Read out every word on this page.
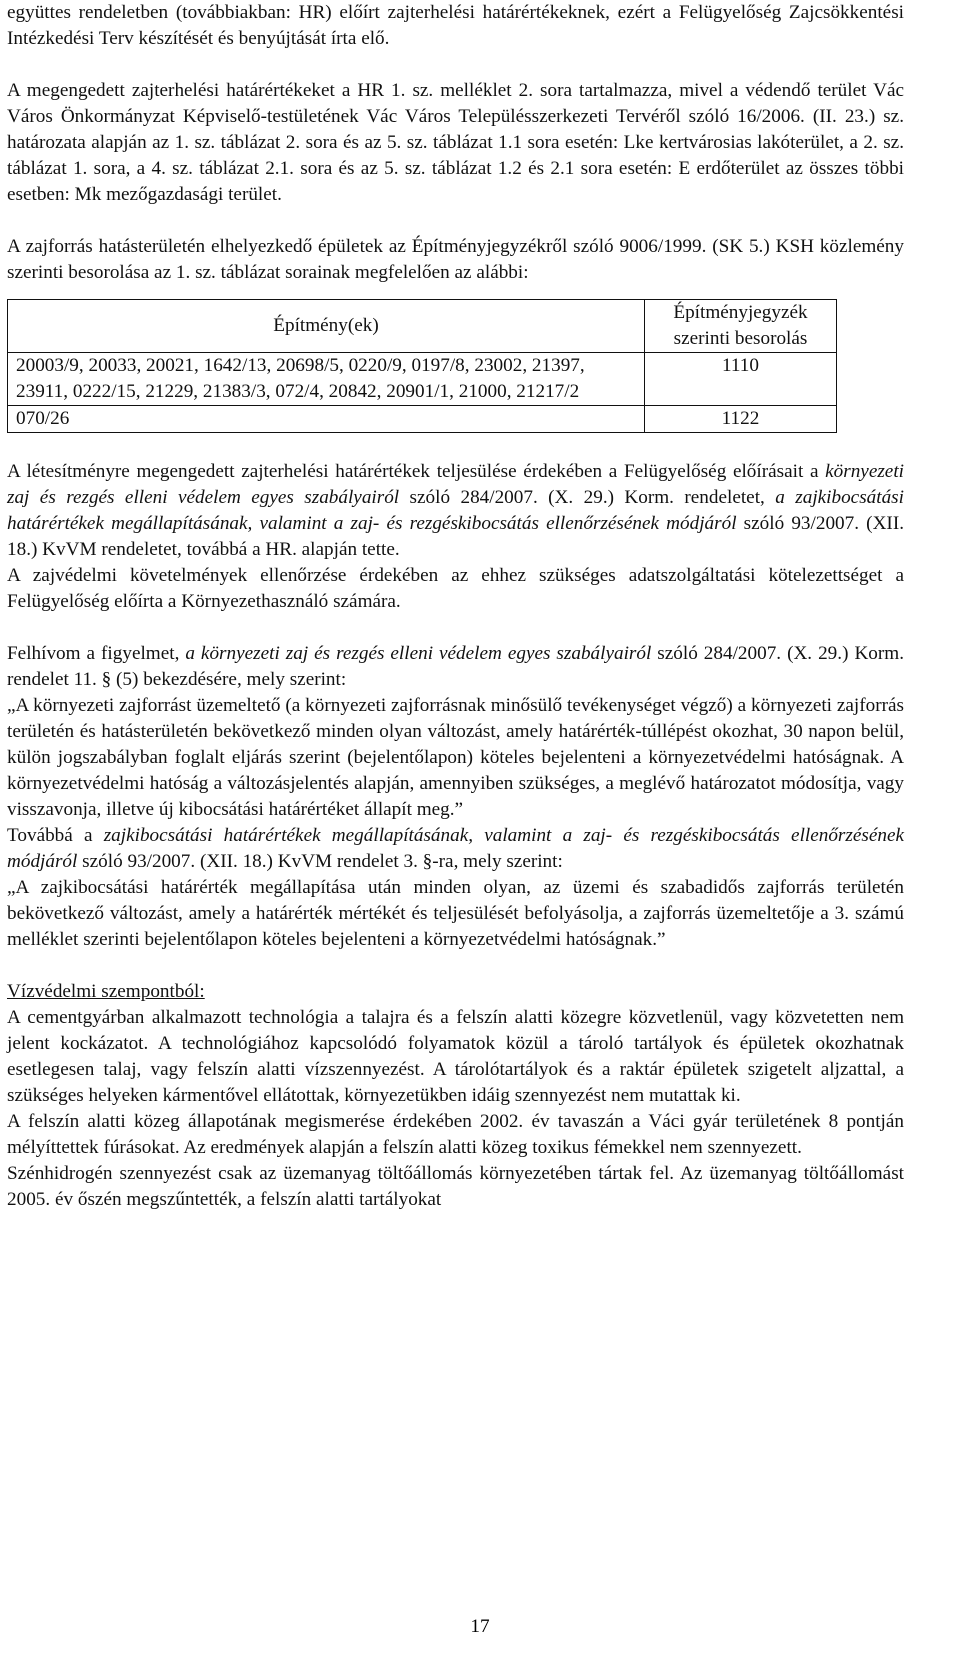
együttes rendeletben (továbbiakban: HR) előírt zajterhelési határértékeknek, ezért a Felügyelőség Zajcsökkentési Intézkedési Terv készítését és benyújtását írta elő.

A megengedett zajterhelési határértékeket a HR 1. sz. melléklet 2. sora tartalmazza, mivel a védendő terület Vác Város Önkormányzat Képviselő-testületének Vác Város Településszerkezeti Tervéről szóló 16/2006. (II. 23.) sz. határozata alapján az 1. sz. táblázat 2. sora és az 5. sz. táblázat 1.1 sora esetén: Lke kertvárosias lakóterület, a 2. sz. táblázat 1. sora, a 4. sz. táblázat 2.1. sora és az 5. sz. táblázat 1.2 és 2.1 sora esetén: E erdőterület az összes többi esetben: Mk mezőgazdasági terület.

A zajforrás hatásterületén elhelyezkedő épületek az Építményjegyzékről szóló 9006/1999. (SK 5.) KSH közlemény szerinti besorolása az 1. sz. táblázat sorainak megfelelően az alábbi:

Építmény(ek)	Építményjegyzék
szerinti besorolás
20003/9, 20033, 20021, 1642/13, 20698/5, 0220/9, 0197/8, 23002, 21397, 23911, 0222/15, 21229, 21383/3, 072/4, 20842, 20901/1, 21000, 21217/2	1110
070/26	1122

A létesítményre megengedett zajterhelési határértékek teljesülése érdekében a Felügyelőség előírásait a környezeti zaj és rezgés elleni védelem egyes szabályairól szóló 284/2007. (X. 29.) Korm. rendeletet, a zajkibocsátási határértékek megállapításának, valamint a zaj- és rezgéskibocsátás ellenőrzésének módjáról szóló 93/2007. (XII. 18.) KvVM rendeletet, továbbá a HR. alapján tette.

A zajvédelmi követelmények ellenőrzése érdekében az ehhez szükséges adatszolgáltatási kötelezettséget a Felügyelőség előírta a Környezethasználó számára.

Felhívom a figyelmet, a környezeti zaj és rezgés elleni védelem egyes szabályairól szóló 284/2007. (X. 29.) Korm. rendelet 11. § (5) bekezdésére, mely szerint:

„A környezeti zajforrást üzemeltető (a környezeti zajforrásnak minősülő tevékenységet végző) a környezeti zajforrás területén és hatásterületén bekövetkező minden olyan változást, amely határérték-túllépést okozhat, 30 napon belül, külön jogszabályban foglalt eljárás szerint (bejelentőlapon) köteles bejelenteni a környezetvédelmi hatóságnak. A környezetvédelmi hatóság a változásjelentés alapján, amennyiben szükséges, a meglévő határozatot módosítja, vagy visszavonja, illetve új kibocsátási határértéket állapít meg.”

Továbbá a zajkibocsátási határértékek megállapításának, valamint a zaj- és rezgéskibocsátás ellenőrzésének módjáról szóló 93/2007. (XII. 18.) KvVM rendelet 3. §-ra, mely szerint:

„A zajkibocsátási határérték megállapítása után minden olyan, az üzemi és szabadidős zajforrás területén bekövetkező változást, amely a határérték mértékét és teljesülését befolyásolja, a zajforrás üzemeltetője a 3. számú melléklet szerinti bejelentőlapon köteles bejelenteni a környezetvédelmi hatóságnak.”

Vízvédelmi szempontból:

A cementgyárban alkalmazott technológia a talajra és a felszín alatti közegre közvetlenül, vagy közvetetten nem jelent kockázatot. A technológiához kapcsolódó folyamatok közül a tároló tartályok és épületek okozhatnak esetlegesen talaj, vagy felszín alatti vízszennyezést. A tárolótartályok és a raktár épületek szigetelt aljzattal, a szükséges helyeken kármentővel ellátottak, környezetükben idáig szennyezést nem mutattak ki.

A felszín alatti közeg állapotának megismerése érdekében 2002. év tavaszán a Váci gyár területének 8 pontján mélyíttettek fúrásokat. Az eredmények alapján a felszín alatti közeg toxikus fémekkel nem szennyezett.

Szénhidrogén szennyezést csak az üzemanyag töltőállomás környezetében tártak fel. Az üzemanyag töltőállomást 2005. év őszén megszűntették, a felszín alatti tartályokat

17
